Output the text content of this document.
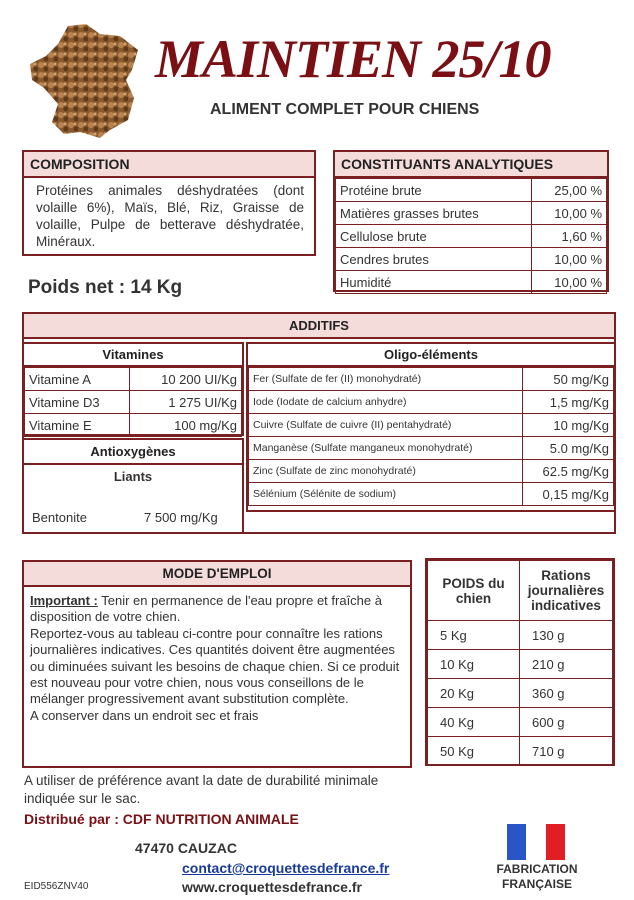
MAINTIEN 25/10
ALIMENT COMPLET POUR CHIENS
COMPOSITION
Protéines animales déshydratées (dont volaille 6%), Maïs, Blé, Riz, Graisse de volaille, Pulpe de betterave déshydratée, Minéraux.
CONSTITUANTS ANALYTIQUES
Protéine brute	25,00 %
Matières grasses brutes	10,00 %
Cellulose brute	1,60 %
Cendres brutes	10,00 %
Humidité	10,00 %
Poids net : 14 Kg
ADDITIFS
Vitamines
Vitamine A	10 200 UI/Kg
Vitamine D3	1 275 UI/Kg
Vitamine E	100 mg/Kg
Antioxygènes
Liants
Bentonite	7 500 mg/Kg
Oligo-éléments
Fer (Sulfate de fer (II) monohydraté)	50 mg/Kg
Iode (Iodate de calcium anhydre)	1,5 mg/Kg
Cuivre (Sulfate de cuivre (II) pentahydraté)	10 mg/Kg
Manganèse (Sulfate manganeux monohydraté)	5.0 mg/Kg
Zinc (Sulfate de zinc monohydraté)	62.5 mg/Kg
Sélénium (Sélénite de sodium)	0,15 mg/Kg
MODE D'EMPLOI
Important : Tenir en permanence de l'eau propre et fraîche à disposition de votre chien.
Reportez-vous au tableau ci-contre pour connaître les rations journalières indicatives. Ces quantités doivent être augmentées ou diminuées suivant les besoins de chaque chien. Si ce produit est nouveau pour votre chien, nous vous conseillons de le mélanger progressivement avant substitution complète.
A conserver dans un endroit sec et frais
POIDS du chien	Rations journalières indicatives
5 Kg	130 g
10 Kg	210 g
20 Kg	360 g
40 Kg	600 g
50 Kg	710 g
A utiliser de préférence avant la date de durabilité minimale indiquée sur le sac.
Distribué par : CDF NUTRITION ANIMALE
47470 CAUZAC
contact@croquettesdefrance.fr
www.croquettesdefrance.fr
EID556ZNV40
FABRICATION FRANÇAISE
